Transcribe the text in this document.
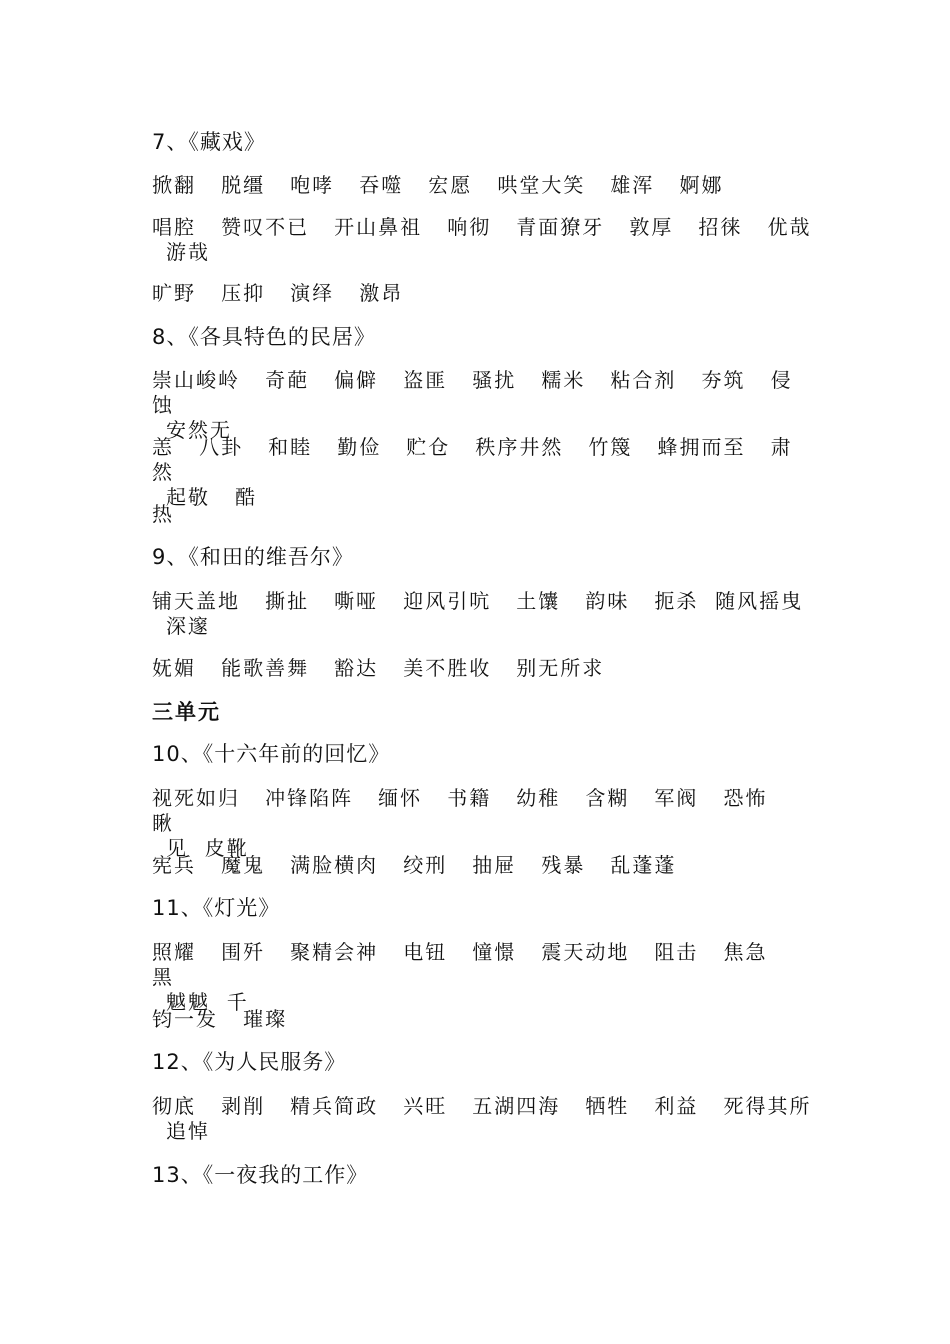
7、《藏戏》
掀翻   脱缰   咆哮   吞噬   宏愿   哄堂大笑   雄浑   婀娜
唱腔   赞叹不已   开山鼻祖   响彻   青面獠牙   敦厚   招徕   优哉
游哉
旷野   压抑   演绎   激昂
8、《各具特色的民居》
崇山峻岭   奇葩   偏僻   盗匪   骚扰   糯米   粘合剂   夯筑   侵蚀
安然无
恙   八卦   和睦   勤俭   贮仓   秩序井然   竹篾   蜂拥而至   肃然
起敬   酷
热
9、《和田的维吾尔》
铺天盖地   撕扯   嘶哑   迎风引吭   土馕   韵味   扼杀  随风摇曳
深邃
妩媚   能歌善舞   豁达   美不胜收   别无所求
三单元
10、《十六年前的回忆》
视死如归   冲锋陷阵   缅怀   书籍   幼稚   含糊   军阀   恐怖   瞅
见  皮靴
宪兵   魔鬼   满脸横肉   绞刑   抽屉   残暴   乱蓬蓬
11、《灯光》
照耀   围歼   聚精会神   电钮   憧憬   震天动地   阻击   焦急   黑
魆魆  千
钧一发   璀璨
12、《为人民服务》
彻底   剥削   精兵简政   兴旺   五湖四海   牺牲   利益   死得其所
追悼
13、《一夜我的工作》
